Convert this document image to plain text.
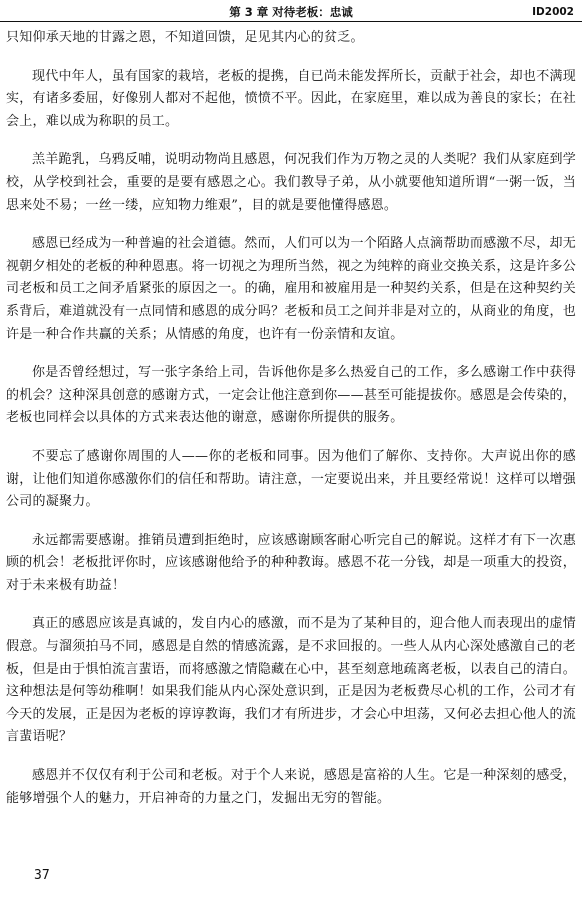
第 3 章 对待老板：忠诚	ID2002

只知仰承天地的甘露之恩，不知道回馈，足见其内心的贫乏。

现代中年人，虽有国家的栽培，老板的提携，自已尚未能发挥所长，贡献于社会，却也不满现实，有诸多委屈，好像别人都对不起他，愤愤不平。因此，在家庭里，难以成为善良的家长；在社会上，难以成为称职的员工。

羔羊跪乳，乌鸦反哺，说明动物尚且感恩，何况我们作为万物之灵的人类呢？我们从家庭到学校，从学校到社会，重要的是要有感恩之心。我们教导子弟，从小就要他知道所谓“一粥一饭，当思来处不易；一丝一缕，应知物力维艰”，目的就是要他懂得感恩。

感恩已经成为一种普遍的社会道德。然而，人们可以为一个陌路人点滴帮助而感激不尽，却无视朝夕相处的老板的种种恩惠。将一切视之为理所当然，视之为纯粹的商业交换关系，这是许多公司老板和员工之间矛盾紧张的原因之一。的确，雇用和被雇用是一种契约关系，但是在这种契约关系背后，难道就没有一点同情和感恩的成分吗？老板和员工之间并非是对立的，从商业的角度，也许是一种合作共赢的关系；从情感的角度，也许有一份亲情和友谊。

你是否曾经想过，写一张字条给上司，告诉他你是多么热爱自己的工作，多么感谢工作中获得的机会？这种深具创意的感谢方式，一定会让他注意到你——甚至可能提拔你。感恩是会传染的，老板也同样会以具体的方式来表达他的谢意，感谢你所提供的服务。

不要忘了感谢你周围的人——你的老板和同事。因为他们了解你、支持你。大声说出你的感谢，让他们知道你感激你们的信任和帮助。请注意，一定要说出来，并且要经常说！这样可以增强公司的凝聚力。

永远都需要感谢。推销员遭到拒绝时，应该感谢顾客耐心听完自己的解说。这样才有下一次惠顾的机会！老板批评你时，应该感谢他给予的种种教诲。感恩不花一分钱，却是一项重大的投资，对于未来极有助益！

真正的感恩应该是真诚的，发自内心的感激，而不是为了某种目的，迎合他人而表现出的虚情假意。与溜须拍马不同，感恩是自然的情感流露，是不求回报的。一些人从内心深处感激自己的老板，但是由于惧怕流言蜚语，而将感激之情隐藏在心中，甚至刻意地疏离老板，以表自己的清白。这种想法是何等幼稚啊！如果我们能从内心深处意识到，正是因为老板费尽心机的工作，公司才有今天的发展，正是因为老板的谆谆教诲，我们才有所进步，才会心中坦荡，又何必去担心他人的流言蜚语呢？

感恩并不仅仅有利于公司和老板。对于个人来说，感恩是富裕的人生。它是一种深刻的感受，能够增强个人的魅力，开启神奇的力量之门，发掘出无穷的智能。

37
